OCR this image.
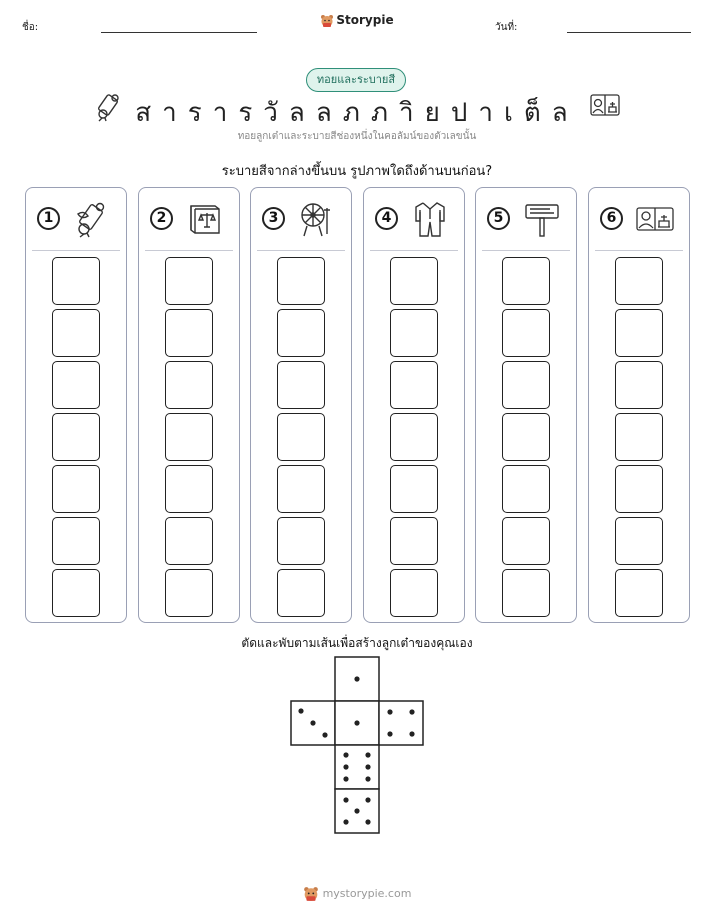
ชื่อ:
Storypie
วันที่:
ทอยและระบายสี
สารารวัลลภภาิยปาเต็ล
ทอยลูกเต๋าและระบายสีช่องหนึ่งในคอลัมน์ของตัวเลขนั้น
ระบายสีจากล่างขึ้นบน รูปภาพใดถึงด้านบนก่อน?
1	2	3	4	5	6
ตัดและพับตามเส้นเพื่อสร้างลูกเต๋าของคุณเอง
mystorypie.com
